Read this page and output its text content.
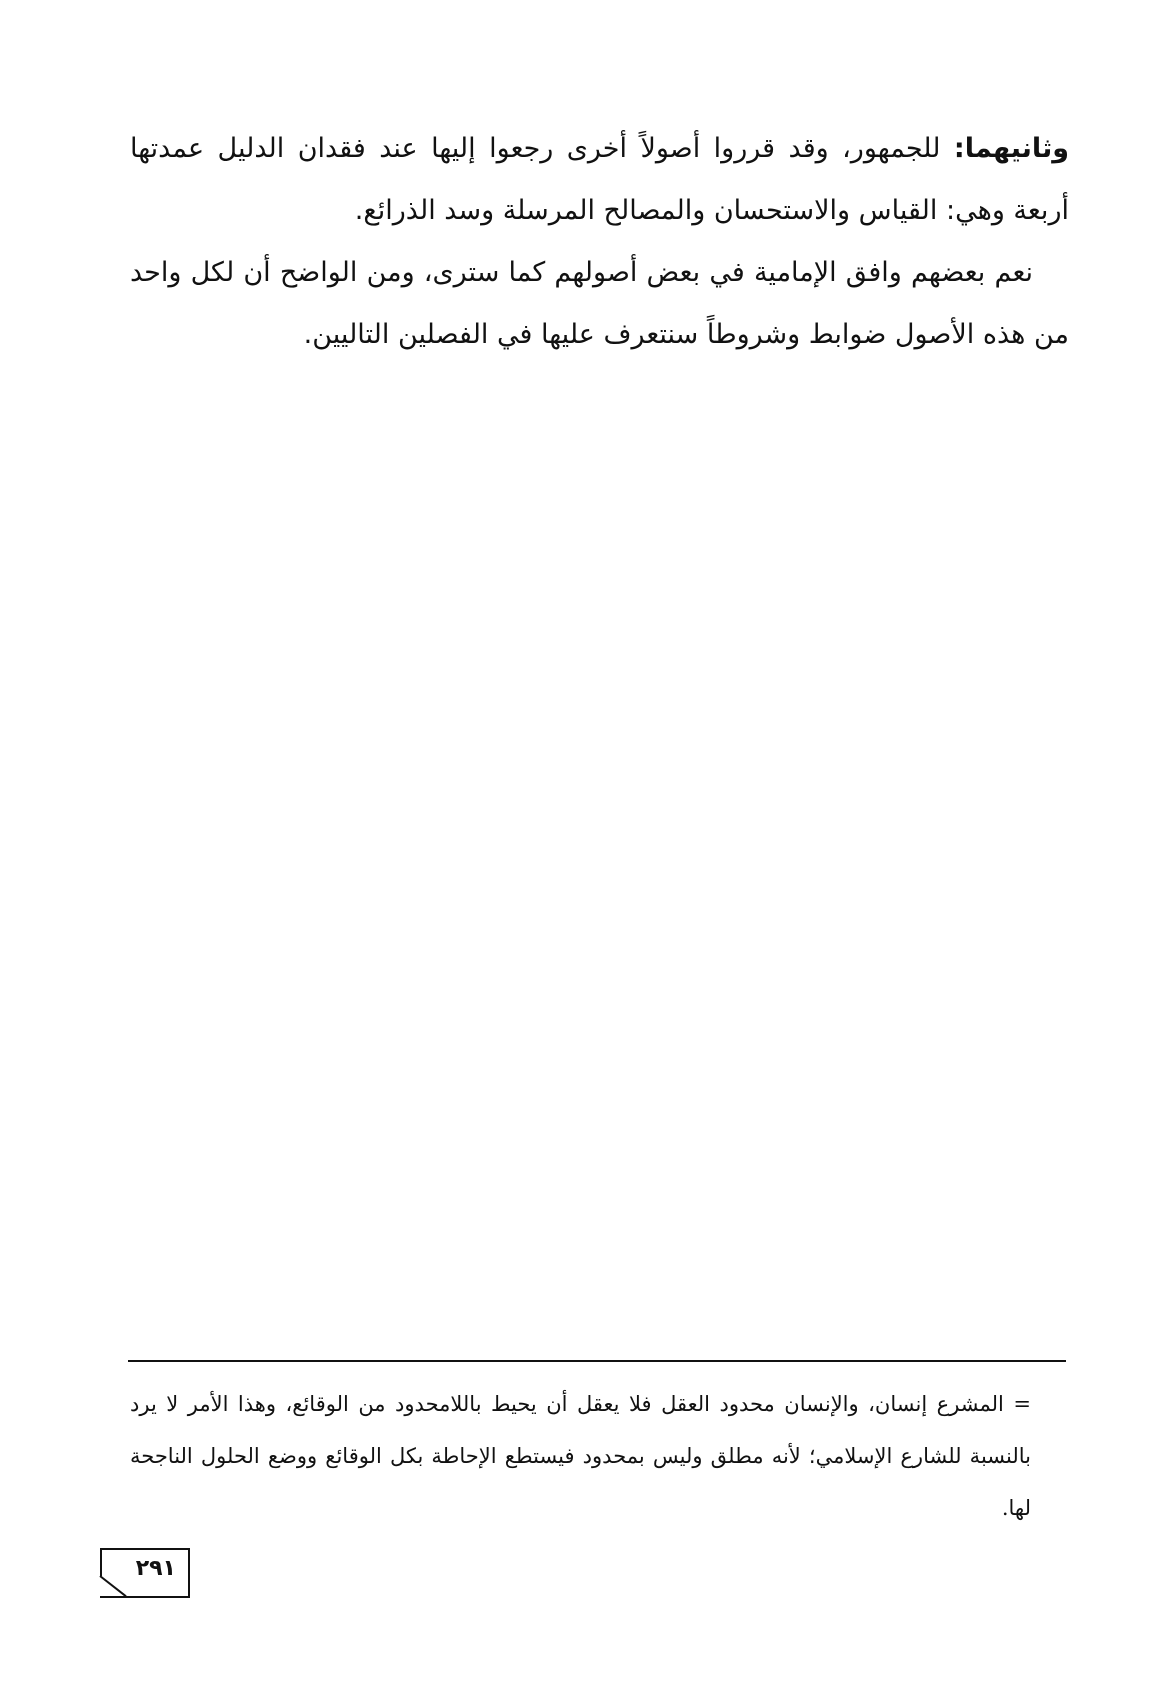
وثانيهما: للجمهور، وقد قرروا أصولاً أخرى رجعوا إليها عند فقدان الدليل عمدتها أربعة وهي: القياس والاستحسان والمصالح المرسلة وسد الذرائع.

نعم بعضهم وافق الإمامية في بعض أصولهم كما سترى، ومن الواضح أن لكل واحد من هذه الأصول ضوابط وشروطاً سنتعرف عليها في الفصلين التاليين.

= المشرع إنسان، والإنسان محدود العقل فلا يعقل أن يحيط باللامحدود من الوقائع، وهذا الأمر لا يرد بالنسبة للشارع الإسلامي؛ لأنه مطلق وليس بمحدود فيستطع الإحاطة بكل الوقائع ووضع الحلول الناجحة لها.

٢٩١
